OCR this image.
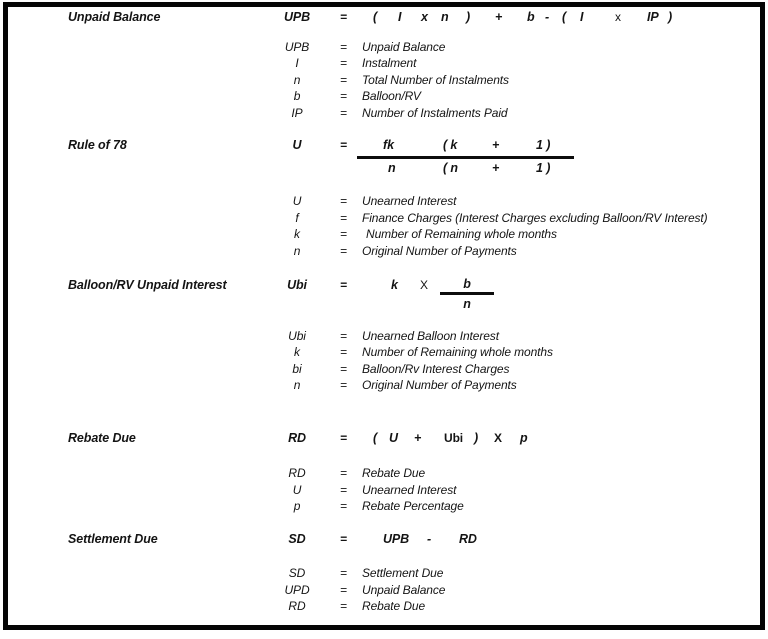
Unpaid Balance	UPB	= ( I x n ) + b - ( I	x IP )
UPB	= Unpaid Balance
I	= Instalment
n	= Total Number of Instalments
b	= Balloon/RV
IP	= Number of Instalments Paid
Rule of 78	U	=	fk	( k	+	1 )
n	( n	+	1 )
U	= Unearned Interest
f	= Finance Charges (Interest Charges excluding Balloon/RV Interest)
k	= Number of Remaining whole months
n	= Original Number of Payments
Balloon/RV Unpaid Interest	Ubi	=	k X	b
n
Ubi	= Unearned Balloon Interest
k	= Number of Remaining whole months
bi	= Balloon/Rv Interest Charges
n	= Original Number of Payments
Rebate Due	RD	= ( U + Ubi ) X p
RD	= Rebate Due
U	= Unearned Interest
p	= Rebate Percentage
Settlement Due	SD	=	UPB - RD
SD	= Settlement Due
UPD	= Unpaid Balance
RD	= Rebate Due
